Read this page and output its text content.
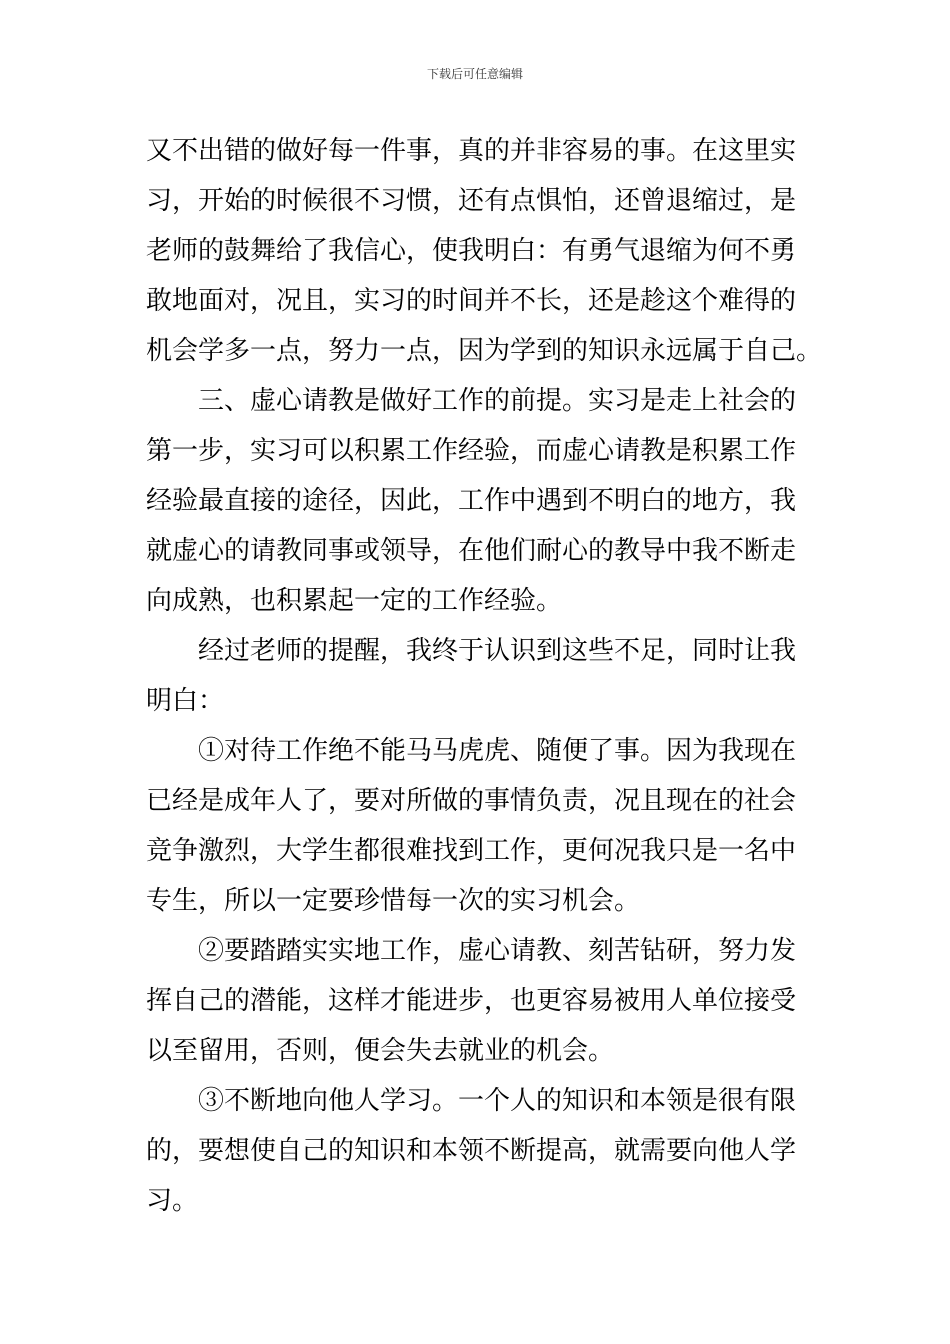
下载后可任意编辑
又不出错的做好每一件事，真的并非容易的事。在这里实
习，开始的时候很不习惯，还有点惧怕，还曾退缩过，是
老师的鼓舞给了我信心，使我明白：有勇气退缩为何不勇
敢地面对，况且，实习的时间并不长，还是趁这个难得的
机会学多一点，努力一点，因为学到的知识永远属于自己。
三、虚心请教是做好工作的前提。实习是走上社会的
第一步，实习可以积累工作经验，而虚心请教是积累工作
经验最直接的途径，因此，工作中遇到不明白的地方，我
就虚心的请教同事或领导，在他们耐心的教导中我不断走
向成熟，也积累起一定的工作经验。
经过老师的提醒，我终于认识到这些不足，同时让我
明白：
①对待工作绝不能马马虎虎、随便了事。因为我现在
已经是成年人了，要对所做的事情负责，况且现在的社会
竞争激烈，大学生都很难找到工作，更何况我只是一名中
专生，所以一定要珍惜每一次的实习机会。
②要踏踏实实地工作，虚心请教、刻苦钻研，努力发
挥自己的潜能，这样才能进步，也更容易被用人单位接受
以至留用，否则，便会失去就业的机会。
③不断地向他人学习。一个人的知识和本领是很有限
的，要想使自己的知识和本领不断提高，就需要向他人学
习。
